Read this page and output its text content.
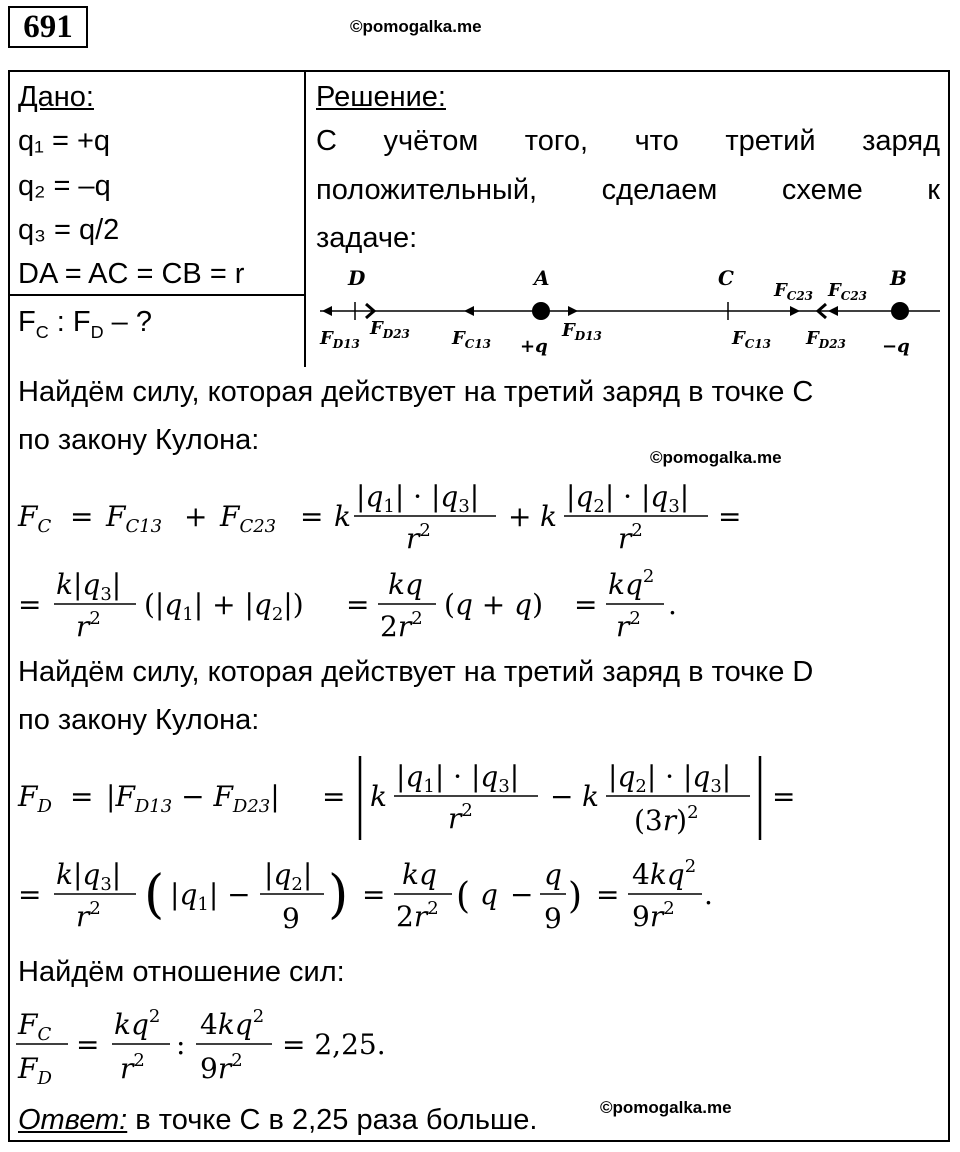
691	©pomogalka.me
Дано:
q₁ = +q
q₂ = –q
q₃ = q/2
DA = AC = CB = r
$F_C$ : $F_D$ – ?
Решение:
С учётом того, что третий заряд
положительный, сделаем схеме к
задаче:
D	A	C	B
$F_{D13}$
$F_{D23}$ $F_{C13}$
$F_{D13}$
+q	$F_{C13}$
$F_{C23}$ $F_{C23}$
$F_{D23} -q$
Найдём силу, которая действует на третий заряд в точке С
по закону Кулона:
©pomogalka.me
$F_C = F_{C13} + F_{C23} = k$
$|q_1| \cdot |q_3|$
$r^2$	+ k
$|q_2| \cdot |q_3|$
$r^2$	=
=
$k|q_3|$
$r^2$ $(|q_1| + |q_2|)$ =
kq
$2r^2$ (q + q) =
$kq^2$
$r^2$ .
Найдём силу, которая действует на третий заряд в точке D
по закону Кулона:
$F_D = |F_{D13} - F_{D23}| = k$
$|q_1| \cdot |q_3|$
$r^2$	− k
$|q_2| \cdot |q_3|$
$(3r)^2$	=
=
$k|q_3|$
$r^2$ ( $|q_1|$ −
$|q_2|$
9 ) =
kq
$2r^2$ ( q −
q
9
) =
$4kq^2$
$9r^2$ .
Найдём отношение сил:
$F_C$
$F_D$
=
$kq^2$
$r^2$ :
$4kq^2$
$9r^2 = 2,25$.
Ответ: в точке С в 2,25 раза больше.	©pomogalka.me
